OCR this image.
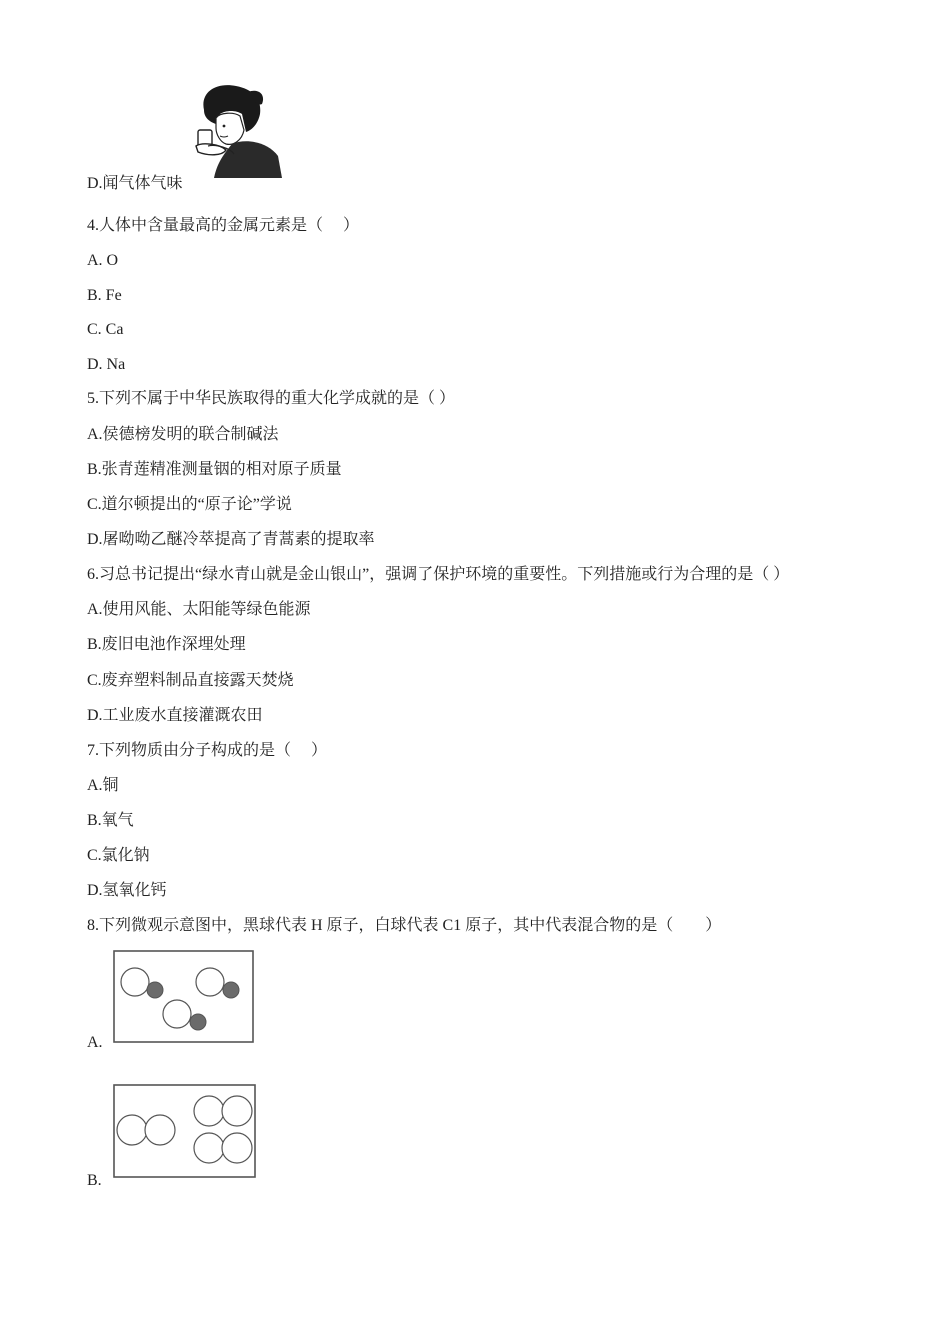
D.闻气体气味
4.人体中含量最高的金属元素是（　 ）
A. O
B. Fe
C. Ca
D. Na
5.下列不属于中华民族取得的重大化学成就的是（ ）
A.侯德榜发明的联合制碱法
B.张青莲精准测量铟的相对原子质量
C.道尔顿提出的“原子论”学说
D.屠呦呦乙醚冷萃提高了青蒿素的提取率
6.习总书记提出“绿水青山就是金山银山”，强调了保护环境的重要性。下列措施或行为合理的是（ ）
A.使用风能、太阳能等绿色能源
B.废旧电池作深埋处理
C.废弃塑料制品直接露天焚烧
D.工业废水直接灌溉农田
7.下列物质由分子构成的是（　 ）
A.铜
B.氧气
C.氯化钠
D.氢氧化钙
8.下列微观示意图中，黑球代表 H 原子，白球代表 C1 原子，其中代表混合物的是（　　）
A.
B.
